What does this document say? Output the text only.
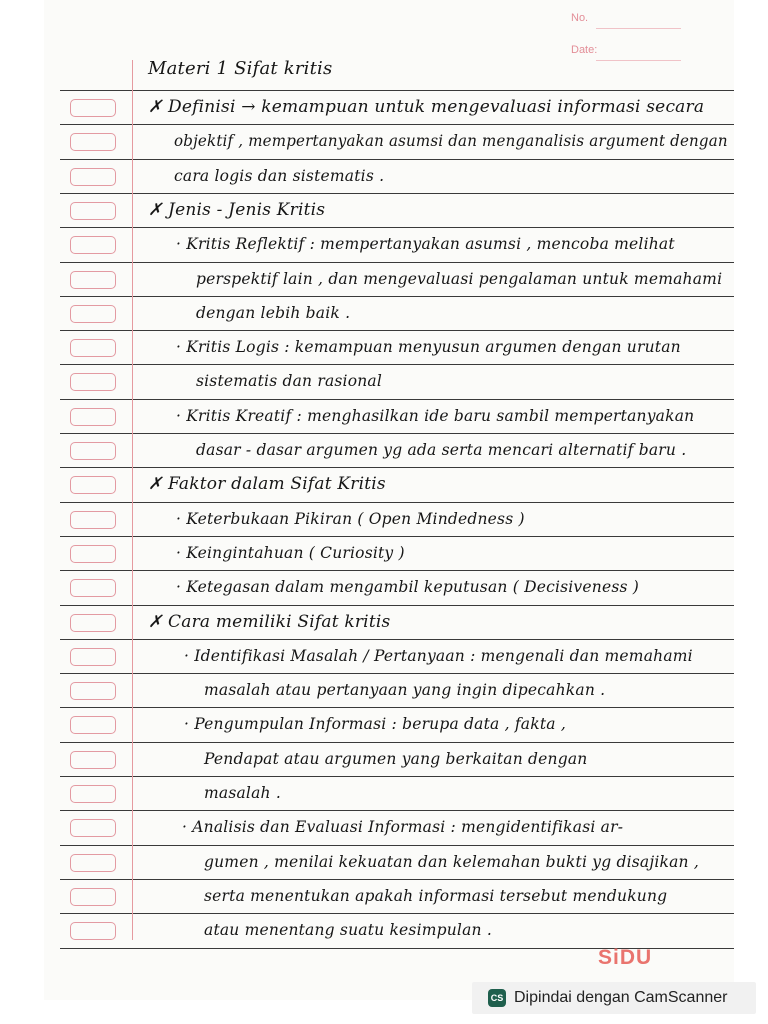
No.
Date:
Materi 1 Sifat kritis
✗ Definisi → kemampuan untuk mengevaluasi informasi secara
objektif , mempertanyakan asumsi dan menganalisis argument dengan
cara logis dan sistematis .
✗ Jenis - Jenis Kritis
· Kritis Reflektif : mempertanyakan asumsi , mencoba melihat
perspektif lain , dan mengevaluasi pengalaman untuk memahami
dengan lebih baik .
· Kritis Logis : kemampuan menyusun argumen dengan urutan
sistematis dan rasional
· Kritis Kreatif : menghasilkan ide baru sambil mempertanyakan
dasar - dasar argumen yg ada serta mencari alternatif baru .
✗ Faktor dalam Sifat Kritis
· Keterbukaan Pikiran ( Open Mindedness )
· Keingintahuan ( Curiosity )
· Ketegasan dalam mengambil keputusan ( Decisiveness )
✗ Cara memiliki Sifat kritis
· Identifikasi Masalah / Pertanyaan : mengenali dan memahami
masalah atau pertanyaan yang ingin dipecahkan .
· Pengumpulan Informasi : berupa data , fakta ,
Pendapat atau argumen yang berkaitan dengan
masalah .
· Analisis dan Evaluasi Informasi : mengidentifikasi ar-
gumen , menilai kekuatan dan kelemahan bukti yg disajikan ,
serta menentukan apakah informasi tersebut mendukung
atau menentang suatu kesimpulan .
SiDU
CS Dipindai dengan CamScanner
